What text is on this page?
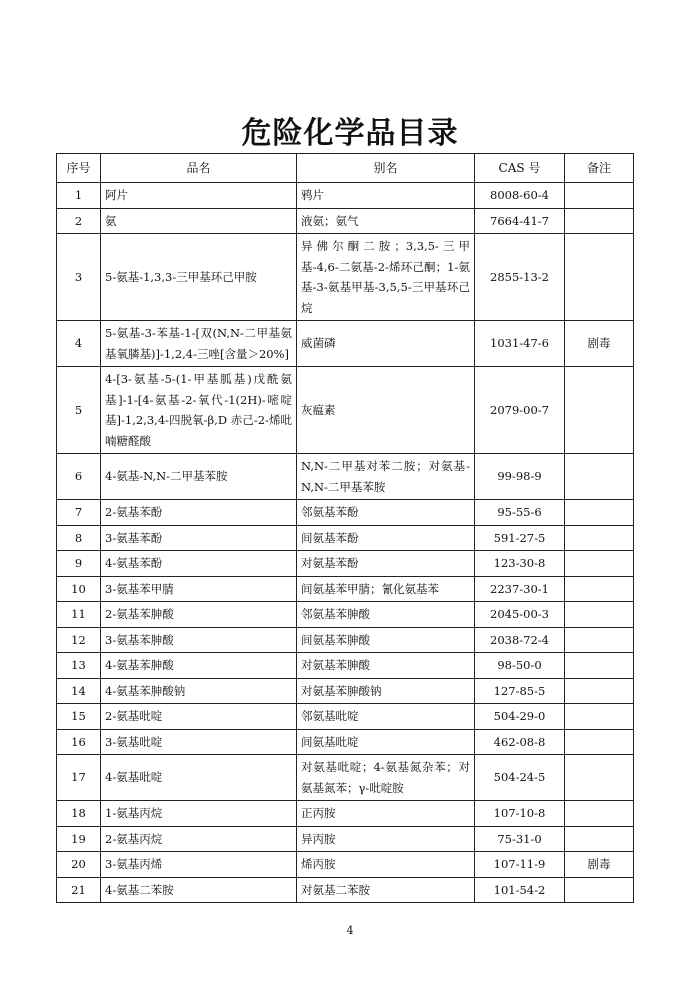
危险化学品目录
序号	品名	别名	CAS 号	备注
1	阿片	鸦片	8008-60-4	
2	氨	液氨；氨气	7664-41-7	
3	5-氨基-1,3,3-三甲基环己甲胺	异佛尔酮二胺；3,3,5-三甲基-4,6-二氨基-2-烯环己酮；1-氨基-3-氨基甲基-3,5,5-三甲基环己烷	2855-13-2	
4	5-氨基-3-苯基-1-[双(N,N-二甲基氨基氧膦基)]-1,2,4-三唑[含量＞20%]	威菌磷	1031-47-6	剧毒
5	4-[3-氨基-5-(1-甲基胍基)戊酰氨基]-1-[4-氨基-2-氧代-1(2H)-嘧啶基]-1,2,3,4-四脱氧-β,D 赤己-2-烯吡喃糖醛酸	灰瘟素	2079-00-7	
6	4-氨基-N,N-二甲基苯胺	N,N-二甲基对苯二胺；对氨基-N,N-二甲基苯胺	99-98-9	
7	2-氨基苯酚	邻氨基苯酚	95-55-6	
8	3-氨基苯酚	间氨基苯酚	591-27-5	
9	4-氨基苯酚	对氨基苯酚	123-30-8	
10	3-氨基苯甲腈	间氨基苯甲腈；氰化氨基苯	2237-30-1	
11	2-氨基苯胂酸	邻氨基苯胂酸	2045-00-3	
12	3-氨基苯胂酸	间氨基苯胂酸	2038-72-4	
13	4-氨基苯胂酸	对氨基苯胂酸	98-50-0	
14	4-氨基苯胂酸钠	对氨基苯胂酸钠	127-85-5	
15	2-氨基吡啶	邻氨基吡啶	504-29-0	
16	3-氨基吡啶	间氨基吡啶	462-08-8	
17	4-氨基吡啶	对氨基吡啶；4-氨基氮杂苯；对氨基氮苯；γ-吡啶胺	504-24-5	
18	1-氨基丙烷	正丙胺	107-10-8	
19	2-氨基丙烷	异丙胺	75-31-0	
20	3-氨基丙烯	烯丙胺	107-11-9	剧毒
21	4-氨基二苯胺	对氨基二苯胺	101-54-2	
4
